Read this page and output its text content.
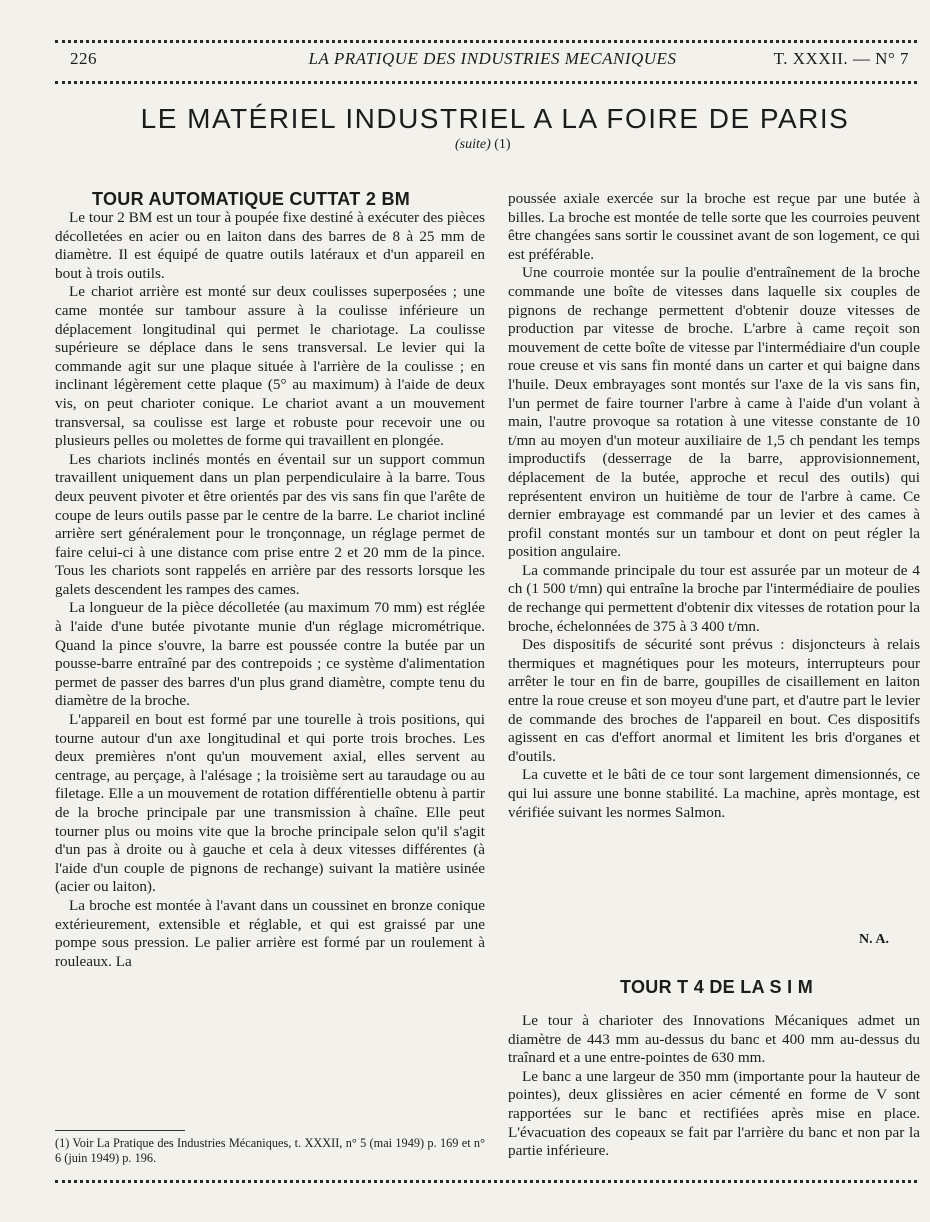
226	LA PRATIQUE DES INDUSTRIES MECANIQUES	T. XXXII. — N° 7
LE MATÉRIEL INDUSTRIEL A LA FOIRE DE PARIS
(suite) (1)
TOUR AUTOMATIQUE CUTTAT 2 BM

Le tour 2 BM est un tour à poupée fixe destiné à exécuter des pièces décolletées en acier ou en laiton dans des barres de 8 à 25 mm de diamètre. Il est équipé de quatre outils latéraux et d'un appareil en bout à trois outils.

Le chariot arrière est monté sur deux coulisses superposées ; une came montée sur tambour assure à la coulisse inférieure un déplacement longitudinal qui permet le chariotage. La coulisse supérieure se déplace dans le sens transversal. Le levier qui la commande agit sur une plaque située à l'arrière de la coulisse ; en inclinant légèrement cette plaque (5° au maximum) à l'aide de deux vis, on peut charioter conique. Le chariot avant a un mouvement transversal, sa coulisse est large et robuste pour recevoir une ou plusieurs pelles ou molettes de forme qui travaillent en plongée.

Les chariots inclinés montés en éventail sur un support commun travaillent uniquement dans un plan perpendiculaire à la barre. Tous deux peuvent pivoter et être orientés par des vis sans fin que l'arête de coupe de leurs outils passe par le centre de la barre. Le chariot incliné arrière sert généralement pour le tronçonnage, un réglage permet de faire celui-ci à une distance com prise entre 2 et 20 mm de la pince. Tous les chariots sont rappelés en arrière par des ressorts lorsque les galets descendent les rampes des cames.

La longueur de la pièce décolletée (au maximum 70 mm) est réglée à l'aide d'une butée pivotante munie d'un réglage micrométrique. Quand la pince s'ouvre, la barre est poussée contre la butée par un pousse-barre entraîné par des contrepoids ; ce système d'alimentation permet de passer des barres d'un plus grand diamètre, compte tenu du diamètre de la broche.

L'appareil en bout est formé par une tourelle à trois positions, qui tourne autour d'un axe longitudinal et qui porte trois broches. Les deux premières n'ont qu'un mouvement axial, elles servent au centrage, au perçage, à l'alésage ; la troisième sert au taraudage ou au filetage. Elle a un mouvement de rotation différentielle obtenu à partir de la broche principale par une transmission à chaîne. Elle peut tourner plus ou moins vite que la broche principale selon qu'il s'agit d'un pas à droite ou à gauche et cela à deux vitesses différentes (à l'aide d'un couple de pignons de rechange) suivant la matière usinée (acier ou laiton).

La broche est montée à l'avant dans un coussinet en bronze conique extérieurement, extensible et réglable, et qui est graissé par une pompe sous pression. Le palier arrière est formé par un roulement à rouleaux. La

(1) Voir La Pratique des Industries Mécaniques, t. XXXII, n° 5 (mai 1949) p. 169 et n° 6 (juin 1949) p. 196.

poussée axiale exercée sur la broche est reçue par une butée à billes. La broche est montée de telle sorte que les courroies peuvent être changées sans sortir le coussinet avant de son logement, ce qui est préférable.

Une courroie montée sur la poulie d'entraînement de la broche commande une boîte de vitesses dans laquelle six couples de pignons de rechange permettent d'obtenir douze vitesses de production par vitesse de broche. L'arbre à came reçoit son mouvement de cette boîte de vitesse par l'intermédiaire d'un couple roue creuse et vis sans fin monté dans un carter et qui baigne dans l'huile. Deux embrayages sont montés sur l'axe de la vis sans fin, l'un permet de faire tourner l'arbre à came à l'aide d'un volant à main, l'autre provoque sa rotation à une vitesse constante de 10 t/mn au moyen d'un moteur auxiliaire de 1,5 ch pendant les temps improductifs (desserrage de la barre, approvisionnement, déplacement de la butée, approche et recul des outils) qui représentent environ un huitième de tour de l'arbre à came. Ce dernier embrayage est commandé par un levier et des cames à profil constant montés sur un tambour et dont on peut régler la position angulaire.

La commande principale du tour est assurée par un moteur de 4 ch (1 500 t/mn) qui entraîne la broche par l'intermédiaire de poulies de rechange qui permettent d'obtenir dix vitesses de rotation pour la broche, échelonnées de 375 à 3 400 t/mn.

Des dispositifs de sécurité sont prévus : disjoncteurs à relais thermiques et magnétiques pour les moteurs, interrupteurs pour arrêter le tour en fin de barre, goupilles de cisaillement en laiton entre la roue creuse et son moyeu d'une part, et d'autre part le levier de commande des broches de l'appareil en bout. Ces dispositifs agissent en cas d'effort anormal et limitent les bris d'organes et d'outils.

La cuvette et le bâti de ce tour sont largement dimensionnés, ce qui lui assure une bonne stabilité. La machine, après montage, est vérifiée suivant les normes Salmon.

N. A.
TOUR T 4 DE LA S I M

Le tour à charioter des Innovations Mécaniques admet un diamètre de 443 mm au-dessus du banc et 400 mm au-dessus du traînard et a une entre-pointes de 630 mm.

Le banc a une largeur de 350 mm (importante pour la hauteur de pointes), deux glissières en acier cémenté en forme de V sont rapportées sur le banc et rectifiées après mise en place. L'évacuation des copeaux se fait par l'arrière du banc et non par la partie inférieure.
